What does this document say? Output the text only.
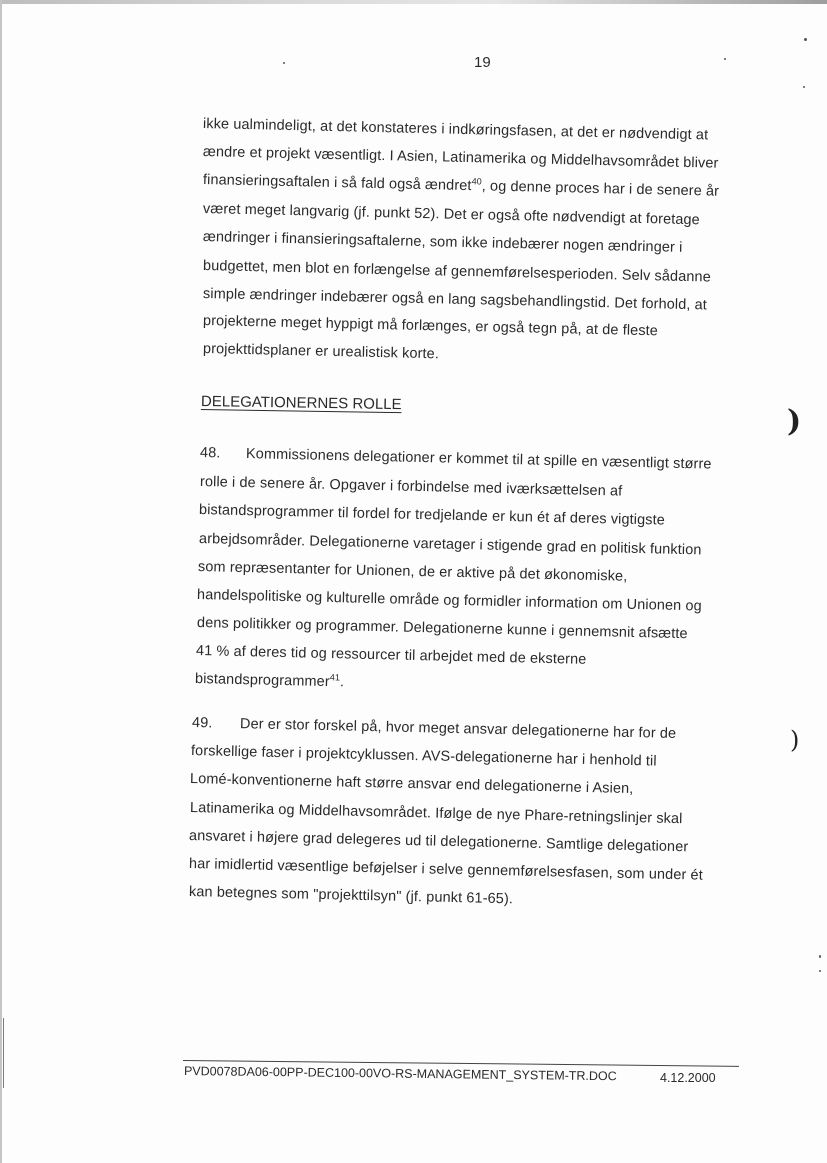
19
ikke ualmindeligt, at det konstateres i indkøringsfasen, at det er nødvendigt at
ændre et projekt væsentligt. I Asien, Latinamerika og Middelhavsområdet bliver
finansieringsaftalen i så fald også ændret$^{40}$, og denne proces har i de senere år
været meget langvarig (jf. punkt 52). Det er også ofte nødvendigt at foretage
ændringer i finansieringsaftalerne, som ikke indebærer nogen ændringer i
budgettet, men blot en forlængelse af gennemførelsesperioden. Selv sådanne
simple ændringer indebærer også en lang sagsbehandlingstid. Det forhold, at
projekterne meget hyppigt må forlænges, er også tegn på, at de fleste
projekttidsplaner er urealistisk korte.
DELEGATIONERNES ROLLE
48. Kommissionens delegationer er kommet til at spille en væsentligt større
rolle i de senere år. Opgaver i forbindelse med iværksættelsen af
bistandsprogrammer til fordel for tredjelande er kun ét af deres vigtigste
arbejdsområder. Delegationerne varetager i stigende grad en politisk funktion
som repræsentanter for Unionen, de er aktive på det økonomiske,
handelspolitiske og kulturelle område og formidler information om Unionen og
dens politikker og programmer. Delegationerne kunne i gennemsnit afsætte
41 % af deres tid og ressourcer til arbejdet med de eksterne
bistandsprogrammer$^{41}$.
49. Der er stor forskel på, hvor meget ansvar delegationerne har for de
forskellige faser i projektcyklussen. AVS-delegationerne har i henhold til
Lomé-konventionerne haft større ansvar end delegationerne i Asien,
Latinamerika og Middelhavsområdet. Ifølge de nye Phare-retningslinjer skal
ansvaret i højere grad delegeres ud til delegationerne. Samtlige delegationer
har imidlertid væsentlige beføjelser i selve gennemførelsesfasen, som under ét
kan betegnes som "projekttilsyn" (jf. punkt 61-65).
)
)
PVD0078DA06-00PP-DEC100-00VO-RS-MANAGEMENT_SYSTEM-TR.DOC	4.12.2000
